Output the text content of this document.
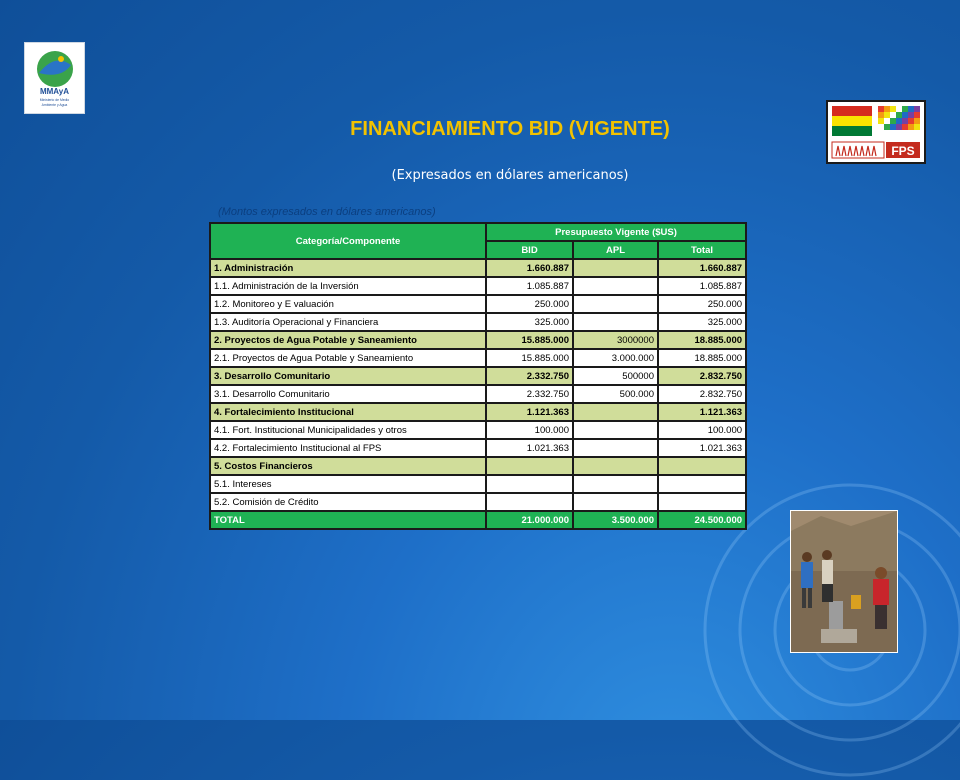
MMAyA
Ministerio de Medio
Ambiente y Agua
FPS
FINANCIAMIENTO BID (VIGENTE)
(Expresados en dólares americanos)
(Montos expresados en dólares americanos)
Categoría/Componente	Presupuesto Vigente ($US)		
	BID	APL	Total
1. Administración	1.660.887		1.660.887
1.1. Administración de la Inversión	1.085.887		1.085.887
1.2. Monitoreo y E valuación	250.000		250.000
1.3. Auditoría Operacional y Financiera	325.000		325.000
2. Proyectos de Agua Potable y Saneamiento	15.885.000	3000000	18.885.000
2.1. Proyectos de Agua Potable y Saneamiento	15.885.000	3.000.000	18.885.000
3. Desarrollo Comunitario	2.332.750	500000	2.832.750
3.1. Desarrollo Comunitario	2.332.750	500.000	2.832.750
4. Fortalecimiento Institucional	1.121.363		1.121.363
4.1. Fort. Institucional Municipalidades y otros	100.000		100.000
4.2. Fortalecimiento Institucional al FPS	1.021.363		1.021.363
5. Costos Financieros			
5.1. Intereses			
5.2. Comisión de Crédito			
TOTAL	21.000.000	3.500.000	24.500.000
